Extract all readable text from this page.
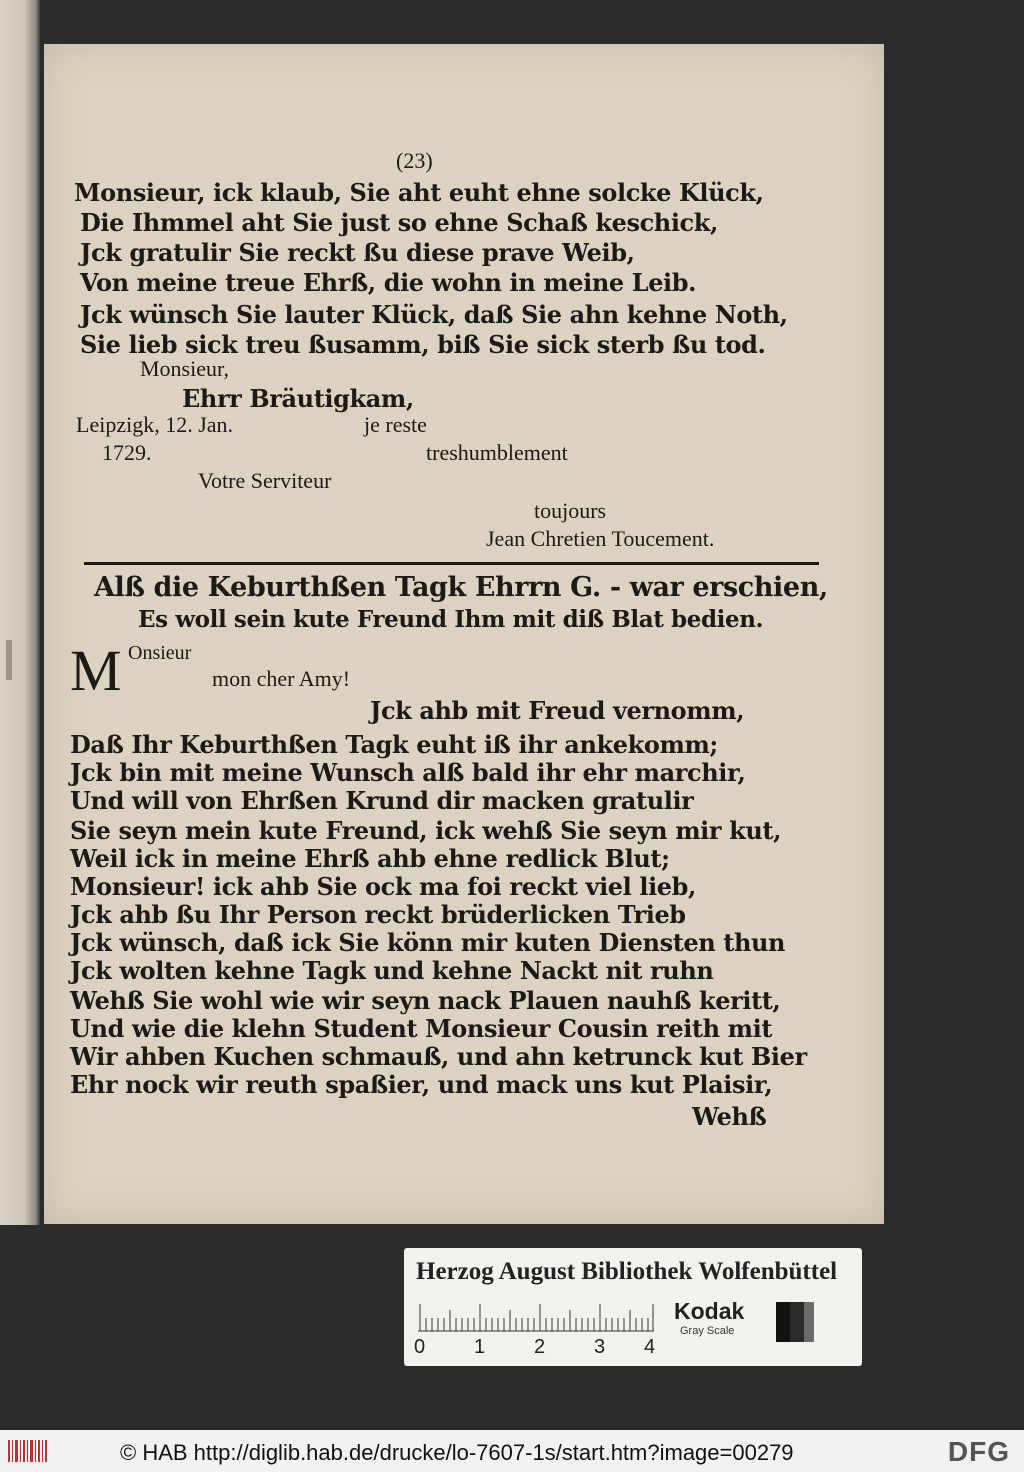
(23)
Monsieur, ick klaub, Sie aht euht ehne solcke Klück,
Die Ihmmel aht Sie just so ehne Schaß keschick,
Jck gratulir Sie reckt ßu diese prave Weib,
Von meine treue Ehrß, die wohn in meine Leib.
Jck wünsch Sie lauter Klück, daß Sie ahn kehne Noth,
Sie lieb sick treu ßusamm, biß Sie sick sterb ßu tod.
Monsieur,
Ehrr Bräutigkam,
Leipzigk, 12. Jan.	je reste
1729.	treshumblement
Votre Serviteur
toujours
Jean Chretien Toucement.
Alß die Keburthßen Tagk Ehrrn G. - war erschien,
Es woll sein kute Freund Ihm mit diß Blat bedien.
M Onsieur
mon cher Amy!
Jck ahb mit Freud vernomm,
Daß Ihr Keburthßen Tagk euht iß ihr ankekomm;
Jck bin mit meine Wunsch alß bald ihr ehr marchir,
Und will von Ehrßen Krund dir macken gratulir
Sie seyn mein kute Freund, ick wehß Sie seyn mir kut,
Weil ick in meine Ehrß ahb ehne redlick Blut;
Monsieur! ick ahb Sie ock ma foi reckt viel lieb,
Jck ahb ßu Ihr Person reckt brüderlicken Trieb
Jck wünsch, daß ick Sie könn mir kuten Diensten thun
Jck wolten kehne Tagk und kehne Nackt nit ruhn
Wehß Sie wohl wie wir seyn nack Plauen nauhß keritt,
Und wie die klehn Student Monsieur Cousin reith mit
Wir ahben Kuchen schmauß, und ahn ketrunck kut Bier
Ehr nock wir reuth spaßier, und mack uns kut Plaisir,
Wehß
Herzog August Bibliothek Wolfenbüttel
0 1 2 3 4
Kodak
Gray Scale
© HAB http://diglib.hab.de/drucke/lo-7607-1s/start.htm?image=00279	DFG
